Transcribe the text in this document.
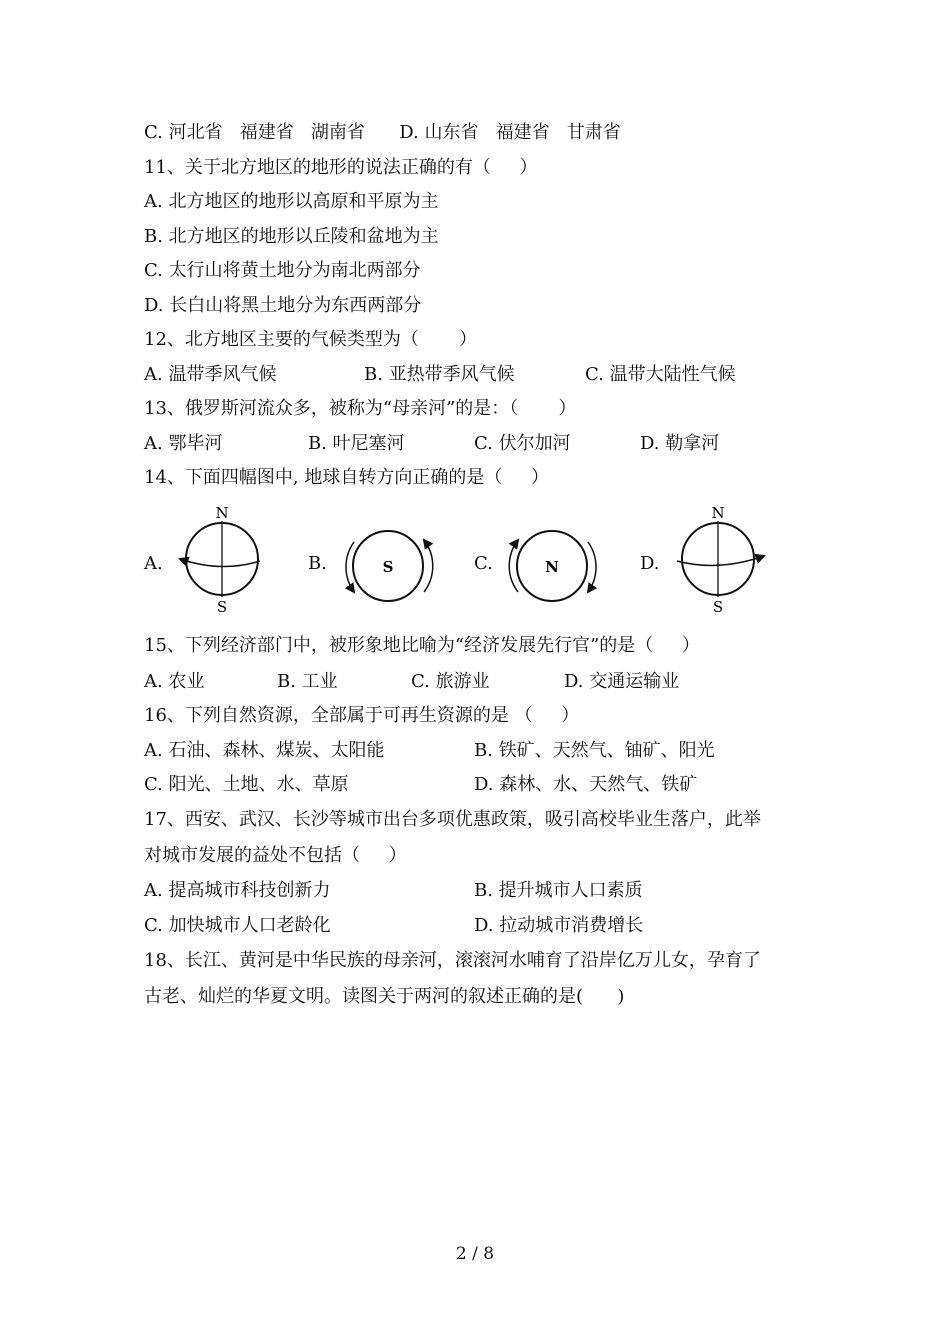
C. 河北省   福建省   湖南省      D. 山东省   福建省   甘肃省
11、关于北方地区的地形的说法正确的有（     ）
A. 北方地区的地形以高原和平原为主
B. 北方地区的地形以丘陵和盆地为主
C. 太行山将黄土地分为南北两部分
D. 长白山将黑土地分为东西两部分
12、北方地区主要的气候类型为（       ）
A. 温带季风气候	B. 亚热带季风气候	C. 温带大陆性气候
13、俄罗斯河流众多，被称为“母亲河”的是：（       ）
A. 鄂毕河	B. 叶尼塞河	C. 伏尔加河	D. 勒拿河
14、下面四幅图中, 地球自转方向正确的是（     ）
A.	B.	C.	D.
N
S
S	N
N
S
15、下列经济部门中，被形象地比喻为“经济发展先行官”的是（     ）
A. 农业	B. 工业	C. 旅游业	D. 交通运输业
16、下列自然资源，全部属于可再生资源的是 （     ）
A. 石油、森林、煤炭、太阳能	B. 铁矿、天然气、铀矿、阳光
C. 阳光、土地、水、草原	D. 森林、水、天然气、铁矿
17、西安、武汉、长沙等城市出台多项优惠政策，吸引高校毕业生落户，此举
对城市发展的益处不包括（     ）
A. 提高城市科技创新力	B. 提升城市人口素质
C. 加快城市人口老龄化	D. 拉动城市消费增长
18、长江、黄河是中华民族的母亲河，滚滚河水哺育了沿岸亿万儿女，孕育了
古老、灿烂的华夏文明。读图关于两河的叙述正确的是(      )
2 / 8
